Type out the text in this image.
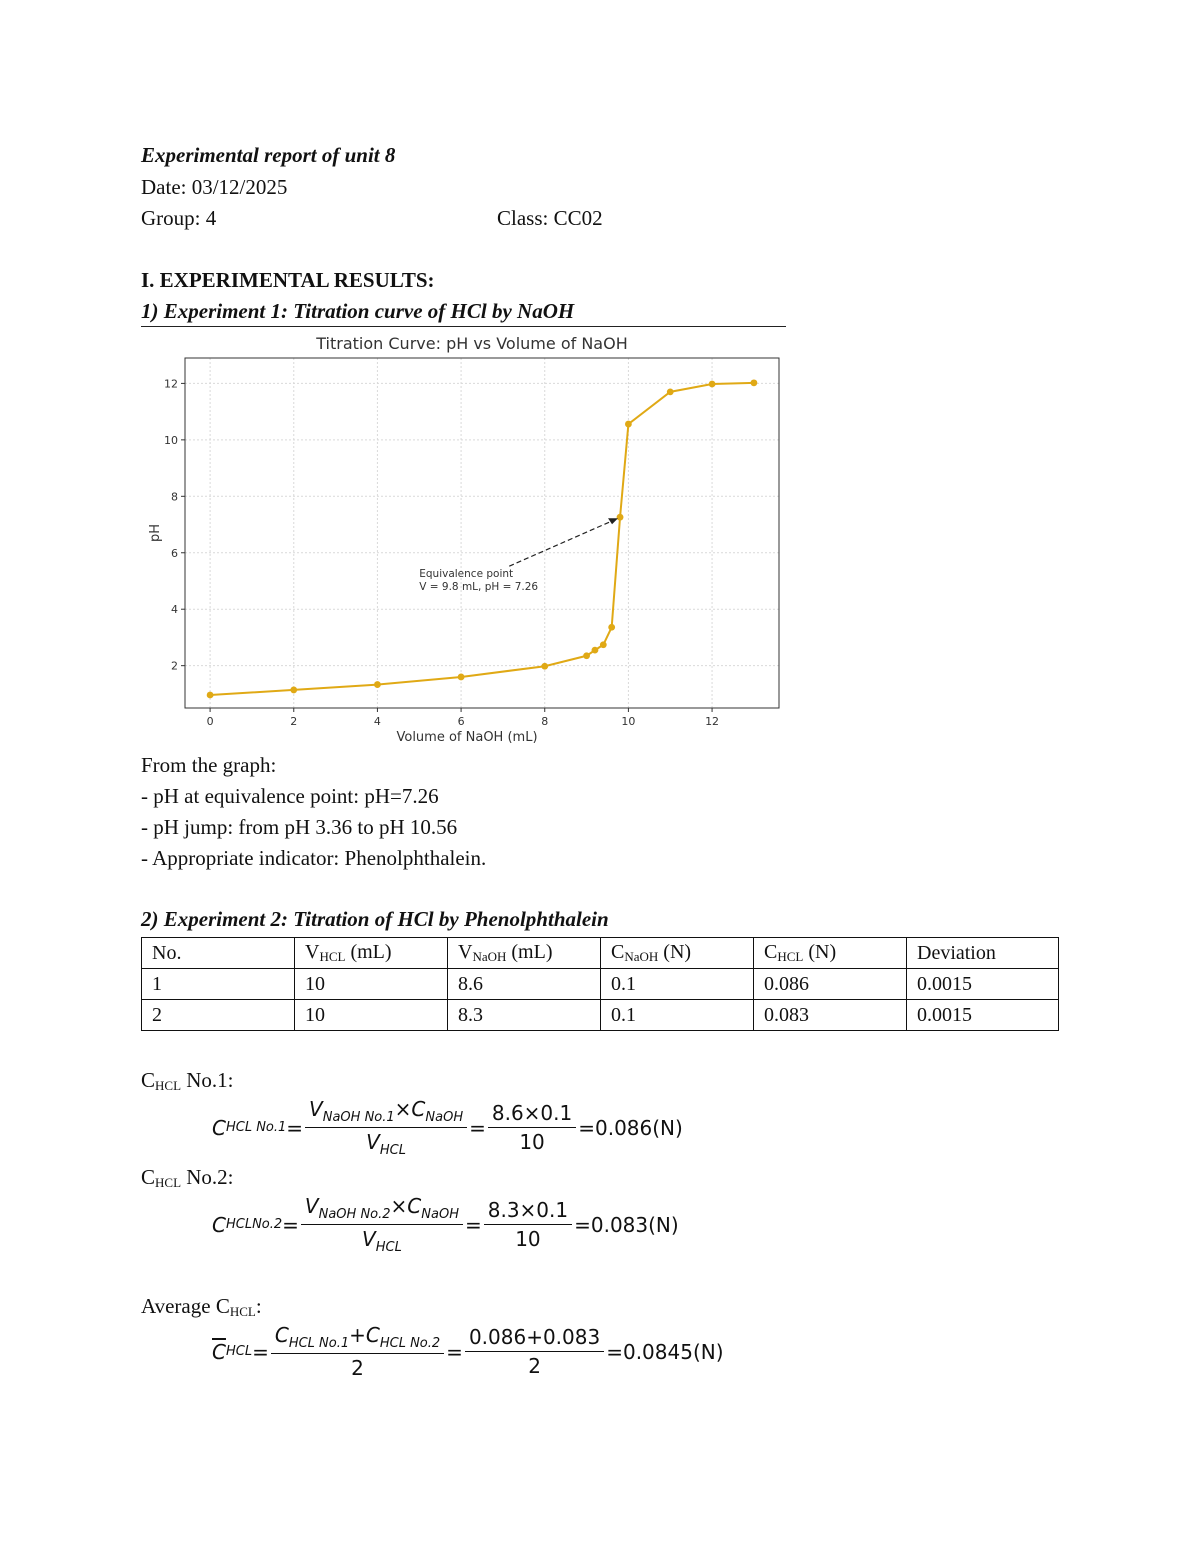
Experimental report of unit 8
Date: 03/12/2025
Group: 4	Class: CC02
I. EXPERIMENTAL RESULTS:
1) Experiment 1: Titration curve of HCl by NaOH
Titration Curve: pH vs Volume of NaOH
0	2	4	6	8	10	12
2
4
6
8
10
12
Volume of NaOH (mL)
pH
Equivalence point
V = 9.8 mL, pH = 7.26
From the graph:
- pH at equivalence point: pH=7.26
- pH jump: from pH 3.36 to pH 10.56
- Appropriate indicator: Phenolphthalein.
2) Experiment 2: Titration of HCl by Phenolphthalein
No.	$V_{HCL}$ (mL)	$V_{NaOH}$ (mL)	$C_{NaOH}$ (N)	$C_{HCL}$ (N)	Deviation
1	10	8.6	0.1	0.086	0.0015
2	10	8.3	0.1	0.083	0.0015
$C_{HCL}$ No.1:
C HCL $No.1 = \frac{V_{NaOH No.1}\times C_{NaOH}}{V_{HCL}} = \frac{8.6\times 0.1}{10} =0.086(N)$
$C_{HCL}$ No.2:
C HCLNo.2 = $\frac{V_{NaOH No.2}\times C_{NaOH}}{V_{HCL}} = \frac{8.3\times 0.1}{10} =0.083(N)$
Average $C_{HCL}$:
$\overline{C}$ HCL = $\frac{C_{HCL No.1}+C_{HCL No.2}}{2} = \frac{0.086+0.083}{2} =0.0845(N)$
